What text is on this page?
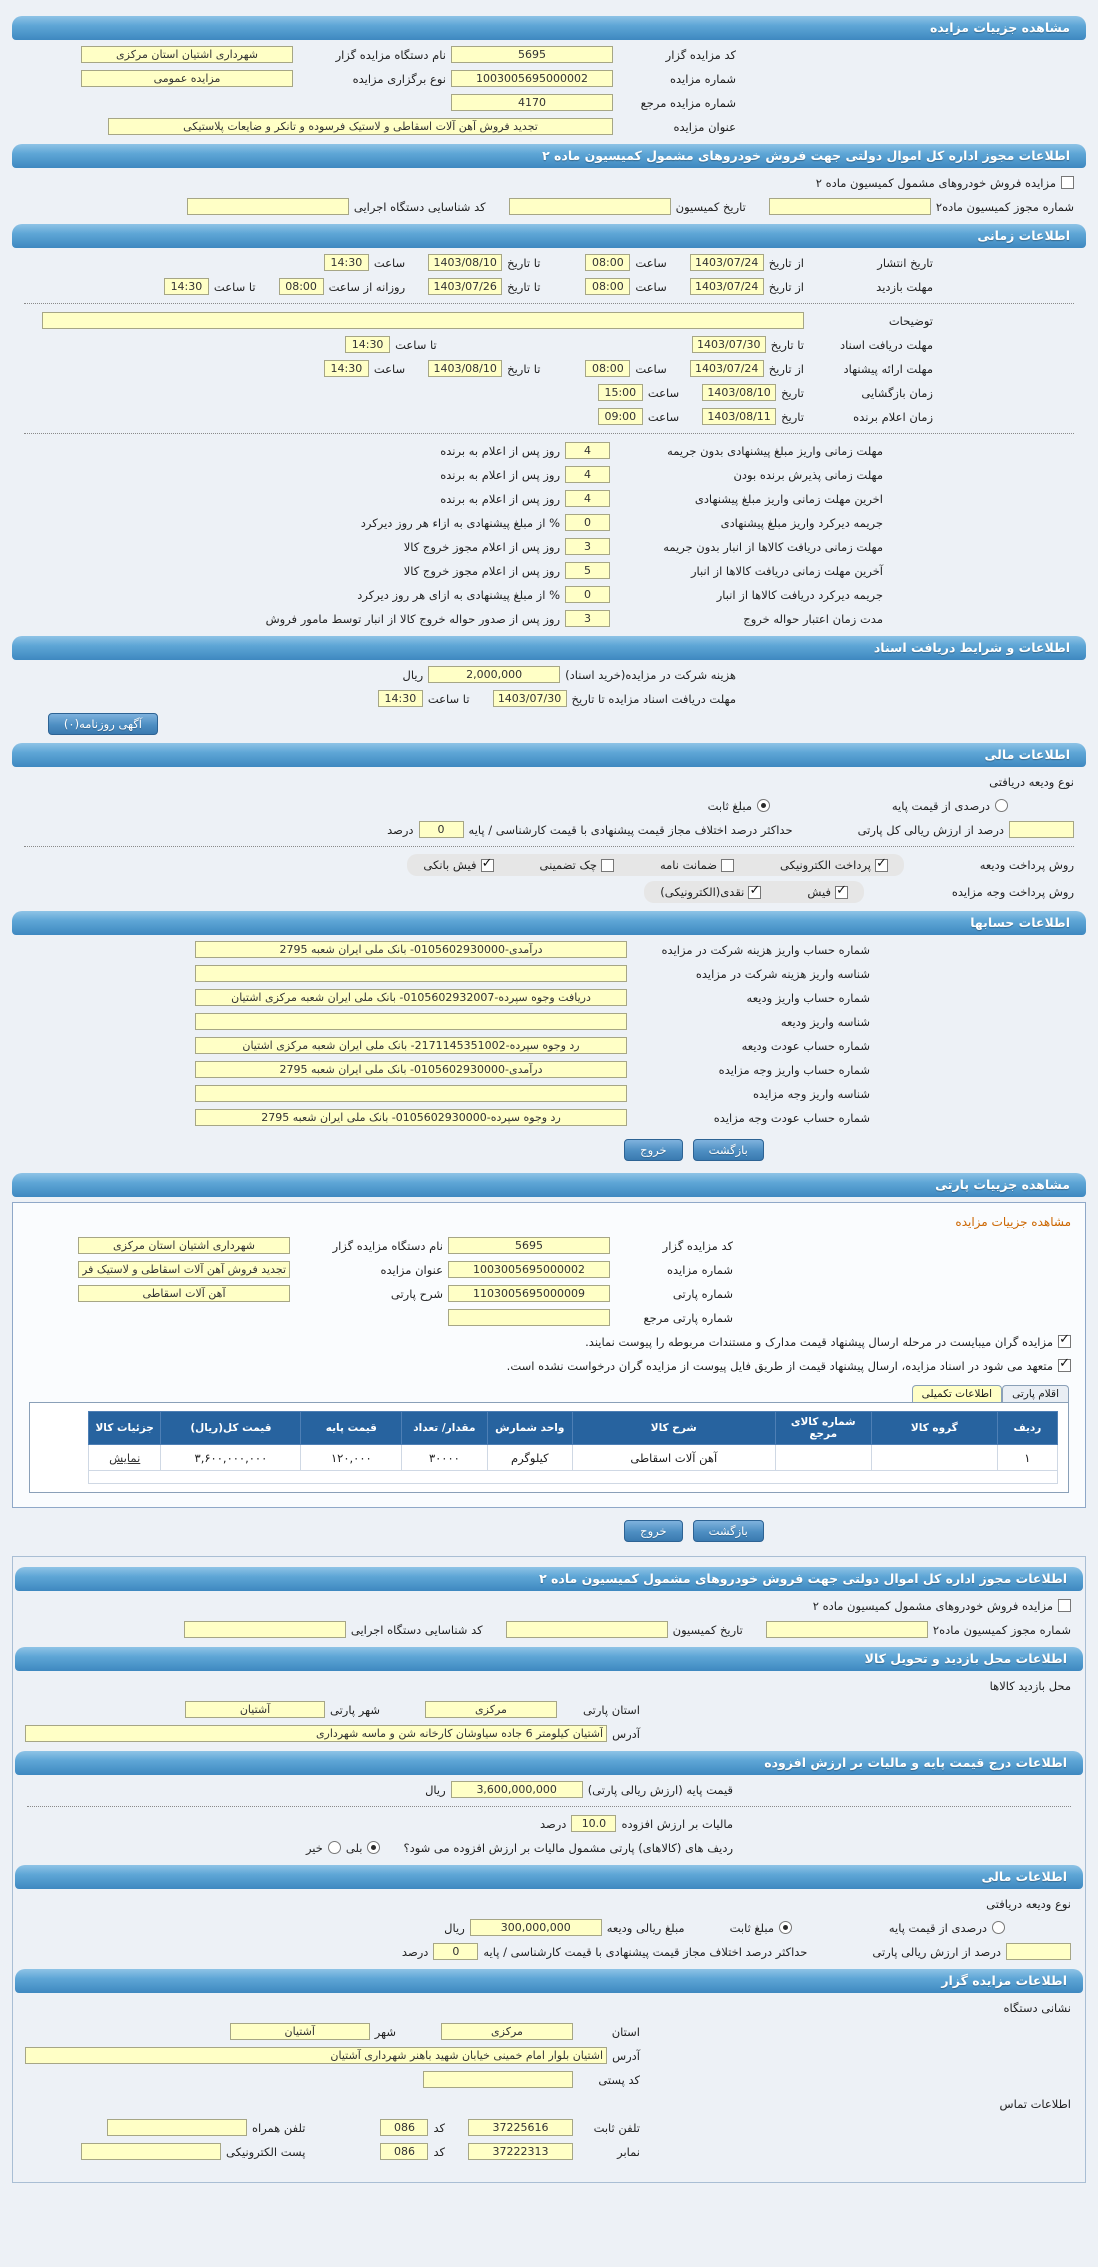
مشاهده جزییات مزایده
کد مزایده گزار
5695
نام دستگاه مزایده گزار
شهرداری اشتیان استان مرکزی
شماره مزایده
1003005695000002
نوع برگزاری مزایده
مزایده عمومی
شماره مزایده مرجع
4170
عنوان مزایده
تجدید فروش آهن آلات اسقاطی و لاستیک فرسوده و تانکر و ضایعات پلاستیکی
اطلاعات مجوز اداره کل اموال دولتی جهت فروش خودروهای مشمول کمیسیون ماده ۲
مزایده فروش خودروهای مشمول کمیسیون ماده ۲
شماره مجوز کمیسیون ماده۲
تاریخ کمیسیون
کد شناسایی دستگاه اجرایی
اطلاعات زمانی
تاریخ انتشار
از تاریخ
1403/07/24
ساعت
08:00
تا تاریخ
1403/08/10
ساعت
14:30
مهلت بازدید
از تاریخ
1403/07/24
ساعت
08:00
تا تاریخ
1403/07/26
روزانه از ساعت
08:00
تا ساعت
14:30
توضیحات
مهلت دریافت اسناد
تا تاریخ
1403/07/30
تا ساعت
14:30
مهلت ارائه پیشنهاد
از تاریخ
1403/07/24
ساعت
08:00
تا تاریخ
1403/08/10
ساعت
14:30
زمان بازگشایی
تاریخ
1403/08/10
ساعت
15:00
زمان اعلام برنده
تاریخ
1403/08/11
ساعت
09:00
مهلت زمانی واریز مبلغ پیشنهادی بدون جریمه
4
روز پس از اعلام به برنده
مهلت زمانی پذیرش برنده بودن
4
روز پس از اعلام به برنده
اخرین مهلت زمانی واریز مبلغ پیشنهادی
4
روز پس از اعلام به برنده
جریمه دیرکرد واریز مبلغ پیشنهادی
0
% از مبلغ پیشنهادی به ازاء هر روز دیرکرد
مهلت زمانی دریافت کالاها از انبار بدون جریمه
3
روز پس از اعلام مجوز خروج کالا
آخرین مهلت زمانی دریافت کالاها از انبار
5
روز پس از اعلام مجوز خروج کالا
جریمه دیرکرد دریافت کالاها از انبار
0
% از مبلغ پیشنهادی به ازای هر روز دیرکرد
مدت زمان اعتبار حواله خروج
3
روز پس از صدور حواله خروج کالا از انبار توسط مامور فروش
اطلاعات و شرایط دریافت اسناد
هزینه شرکت در مزایده(خرید اسناد)
2,000,000
ریال
مهلت دریافت اسناد مزایده تا تاریخ
1403/07/30
تا ساعت
14:30
آگهی روزنامه(۰)
اطلاعات مالی
نوع ودیعه دریافتی
درصدی از قیمت پایه
مبلغ ثابت
درصد از ارزش ریالی کل پارتی
حداکثر درصد اختلاف مجاز قیمت پیشنهادی با قیمت کارشناسی / پایه
0
درصد
روش پرداخت ودیعه
✓
پرداخت الکترونیکی
ضمانت نامه
چک تضمینی
✓
فیش بانکی
روش پرداخت وجه مزایده
✓
فیش
✓
نقدی(الکترونیکی)
اطلاعات حسابها
شماره حساب واریز هزینه شرکت در مزایده
درآمدی-0105602930000- بانک ملی ایران شعبه 2795
شناسه واریز هزینه شرکت در مزایده
شماره حساب واریز ودیعه
دریافت وجوه سپرده-0105602932007- بانک ملی ایران شعبه مرکزی اشتیان
شناسه واریز ودیعه
شماره حساب عودت ودیعه
رد وجوه سپرده-2171145351002- بانک ملی ایران شعبه مرکزی اشتیان
شماره حساب واریز وجه مزایده
درآمدی-0105602930000- بانک ملی ایران شعبه 2795
شناسه واریز وجه مزایده
شماره حساب عودت وجه مزایده
رد وجوه سپرده-0105602930000- بانک ملی ایران شعبه 2795
بازگشت
خروج
مشاهده جزییات پارتی
مشاهده جزییات مزایده
کد مزایده گزار
5695
نام دستگاه مزایده گزار
شهرداری اشتیان استان مرکزی
شماره مزایده
1003005695000002
عنوان مزایده
تجدید فروش آهن آلات اسقاطی و لاستیک فرسوده و تانکر و ضایعات پلاستیکی
شماره پارتی
1103005695000009
شرح پارتی
آهن آلات اسقاطی
شماره پارتی مرجع
✓
مزایده گران میبایست در مرحله ارسال پیشنهاد قیمت مدارک و مستندات مربوطه را پیوست نمایند.
✓
متعهد می شود در اسناد مزایده، ارسال پیشنهاد قیمت از طریق فایل پیوست از مزایده گران درخواست نشده است.
اقلام پارتی
اطلاعات تکمیلی
ردیف	گروه کالا	شماره کالای مرجع	شرح کالا	واحد شمارش	مقدار/ تعداد	قیمت پایه	قیمت کل(ریال)	جزئیات کالا
۱			آهن آلات اسقاطی	کیلوگرم	۳۰۰۰۰	۱۲۰,۰۰۰	۳,۶۰۰,۰۰۰,۰۰۰	نمایش

بازگشت
خروج
اطلاعات مجوز اداره کل اموال دولتی جهت فروش خودروهای مشمول کمیسیون ماده ۲
مزایده فروش خودروهای مشمول کمیسیون ماده ۲
شماره مجوز کمیسیون ماده۲
تاریخ کمیسیون
کد شناسایی دستگاه اجرایی
اطلاعات محل بازدید و تحویل کالا
محل بازدید کالاها
استان پارتی
مرکزی
شهر پارتی
آشتیان
آدرس
آشتیان کیلومتر 6 جاده سیاوشان کارخانه شن و ماسه شهرداری
اطلاعات درج قیمت پایه و مالیات بر ارزش افزوده
قیمت پایه (ارزش ریالی پارتی)
3,600,000,000
ریال
مالیات بر ارزش افزوده
10.0
درصد
ردیف های (کالاهای) پارتی مشمول مالیات بر ارزش افزوده می شود؟
بلی
خیر
اطلاعات مالی
نوع ودیعه دریافتی
درصدی از قیمت پایه
مبلغ ثابت
مبلغ ریالی ودیعه
300,000,000
ریال
درصد از ارزش ریالی پارتی
حداکثر درصد اختلاف مجاز قیمت پیشنهادی با قیمت کارشناسی / پایه
0
درصد
اطلاعات مزایده گزار
نشانی دستگاه
استان
مرکزی
شهر
آشتیان
آدرس
اشتیان بلوار امام خمینی خیابان شهید باهنر شهرداری آشتیان
کد پستی
اطلاعات تماس
تلفن ثابت
37225616
کد
086
تلفن همراه
نمابر
37222313
کد
086
پست الکترونیکی
